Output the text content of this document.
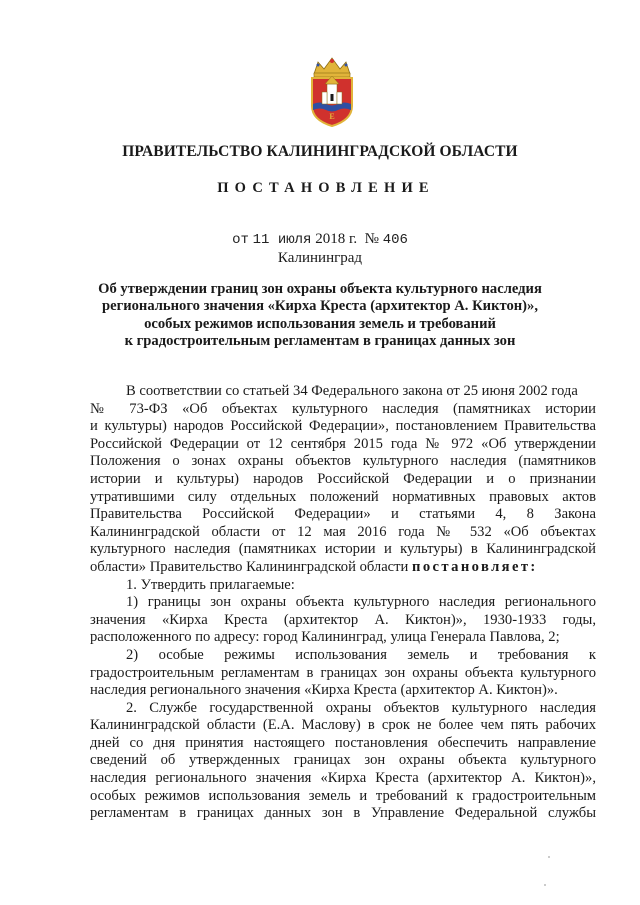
E
ПРАВИТЕЛЬСТВО КАЛИНИНГРАДСКОЙ ОБЛАСТИ
ПОСТАНОВЛЕНИЕ
от 11 июля 2018 г. № 406
Калининград
Об утверждении границ зон охраны объекта культурного наследия
регионального значения «Кирха Креста (архитектор А. Киктон)»,
особых режимов использования земель и требований
к градостроительным регламентам в границах данных зон
В соответствии со статьей 34 Федерального закона от 25 июня 2002 года
№ 73-ФЗ «Об объектах культурного наследия (памятниках истории
и культуры) народов Российской Федерации», постановлением Правительства
Российской Федерации от 12 сентября 2015 года № 972 «Об утверждении
Положения о зонах охраны объектов культурного наследия (памятников
истории и культуры) народов Российской Федерации и о признании
утратившими силу отдельных положений нормативных правовых актов
Правительства Российской Федерации» и статьями 4, 8 Закона
Калининградской области от 12 мая 2016 года № 532 «Об объектах
культурного наследия (памятниках истории и культуры) в Калининградской
области» Правительство Калининградской области постановляет:
1. Утвердить прилагаемые:
1) границы зон охраны объекта культурного наследия регионального
значения «Кирха Креста (архитектор А. Киктон)», 1930-1933 годы,
расположенного по адресу: город Калининград, улица Генерала Павлова, 2;
2) особые режимы использования земель и требования к
градостроительным регламентам в границах зон охраны объекта культурного
наследия регионального значения «Кирха Креста (архитектор А. Киктон)».
2. Службе государственной охраны объектов культурного наследия
Калининградской области (Е.А. Маслову) в срок не более чем пять рабочих
дней со дня принятия настоящего постановления обеспечить направление
сведений об утвержденных границах зон охраны объекта культурного
наследия регионального значения «Кирха Креста (архитектор А. Киктон)»,
особых режимов использования земель и требований к градостроительным
регламентам в границах данных зон в Управление Федеральной службы
